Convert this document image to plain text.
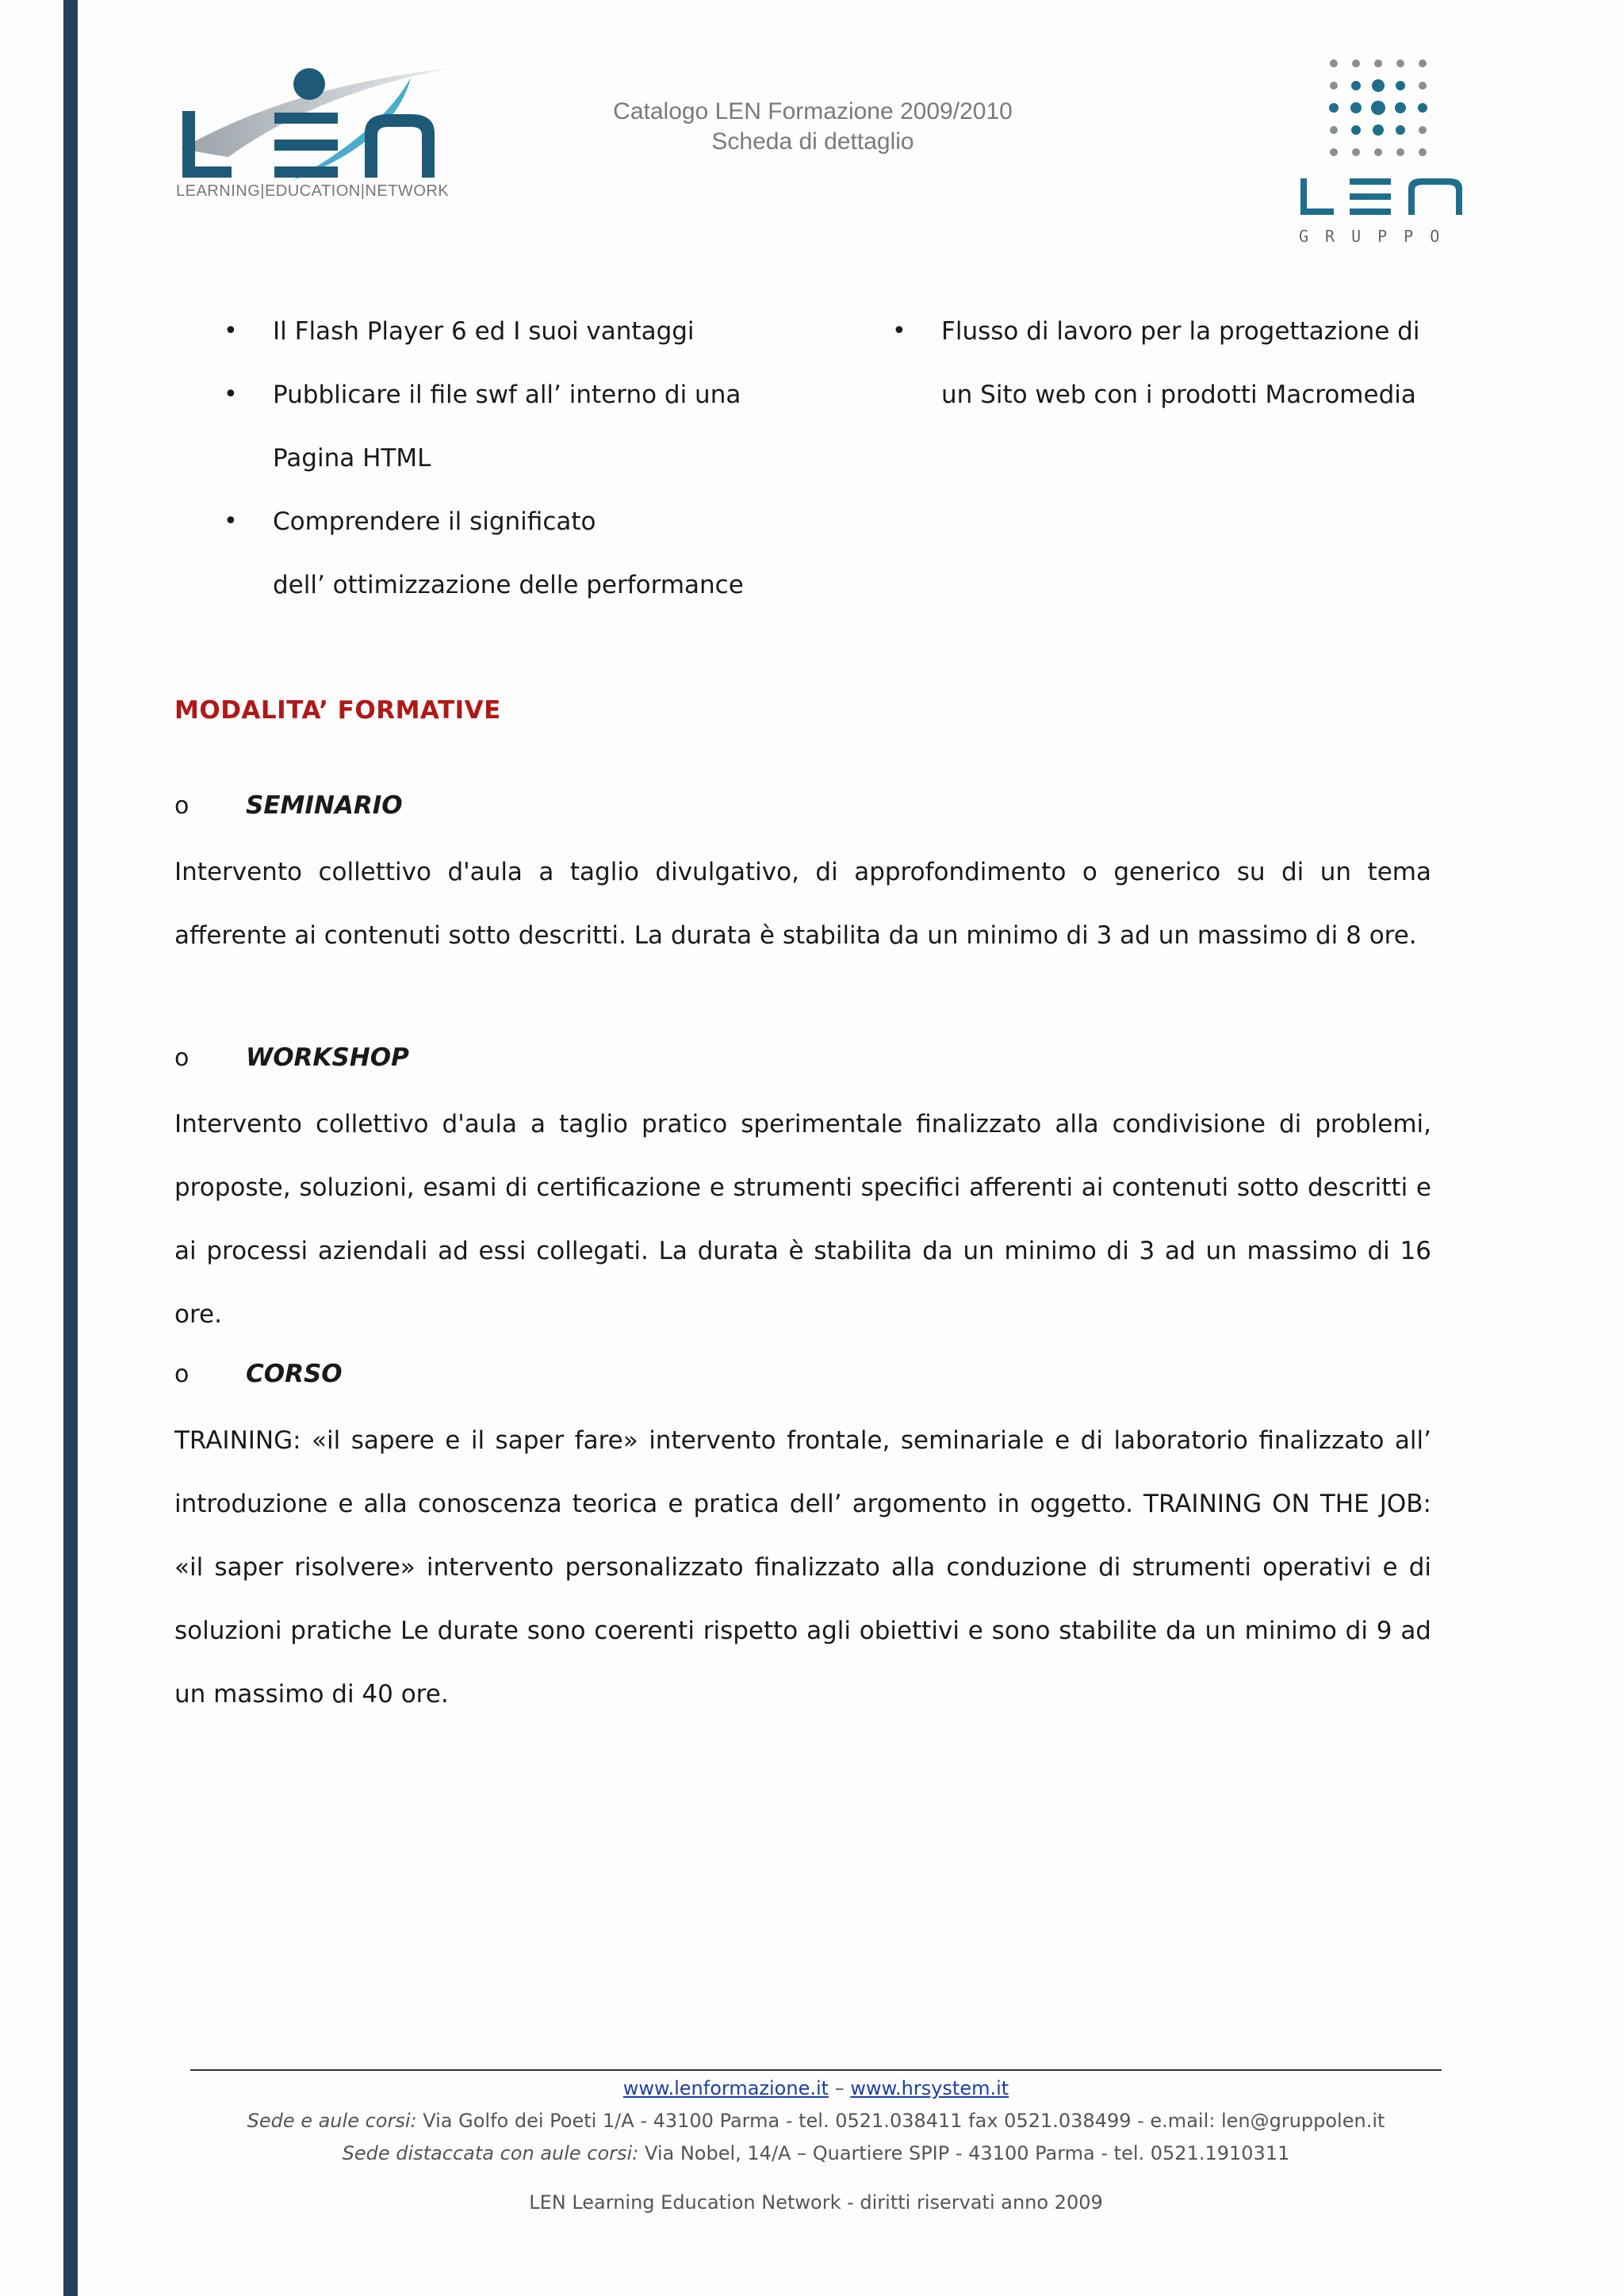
LEARNING|EDUCATION|NETWORK
Catalogo LEN Formazione 2009/2010
Scheda di dettaglio
GRUPPO
• Il Flash Player 6 ed I suoi vantaggi
• Pubblicare il file swf all’ interno di una
Pagina HTML
• Comprendere il significato
dell’ ottimizzazione delle performance
• Flusso di lavoro per la progettazione di
un Sito web con i prodotti Macromedia
MODALITA’ FORMATIVE
o SEMINARIO
Intervento collettivo d'aula a taglio divulgativo, di approfondimento o generico su di un tema afferente ai contenuti sotto descritti. La durata è stabilita da un minimo di 3 ad un massimo di 8 ore.
o WORKSHOP
Intervento collettivo d'aula a taglio pratico sperimentale finalizzato alla condivisione di problemi, proposte, soluzioni, esami di certificazione e strumenti specifici afferenti ai contenuti sotto descritti e ai processi aziendali ad essi collegati. La durata è stabilita da un minimo di 3 ad un massimo di 16 ore.
o CORSO
TRAINING: «il sapere e il saper fare» intervento frontale, seminariale e di laboratorio finalizzato all’ introduzione e alla conoscenza teorica e pratica dell’ argomento in oggetto. TRAINING ON THE JOB: «il saper risolvere» intervento personalizzato finalizzato alla conduzione di strumenti operativi e di soluzioni pratiche Le durate sono coerenti rispetto agli obiettivi e sono stabilite da un minimo di 9 ad un massimo di 40 ore.
www.lenformazione.it – www.hrsystem.it
Sede e aule corsi: Via Golfo dei Poeti 1/A - 43100 Parma - tel. 0521.038411 fax 0521.038499 - e.mail: len@gruppolen.it
Sede distaccata con aule corsi: Via Nobel, 14/A – Quartiere SPIP - 43100 Parma - tel. 0521.1910311
LEN Learning Education Network - diritti riservati anno 2009
